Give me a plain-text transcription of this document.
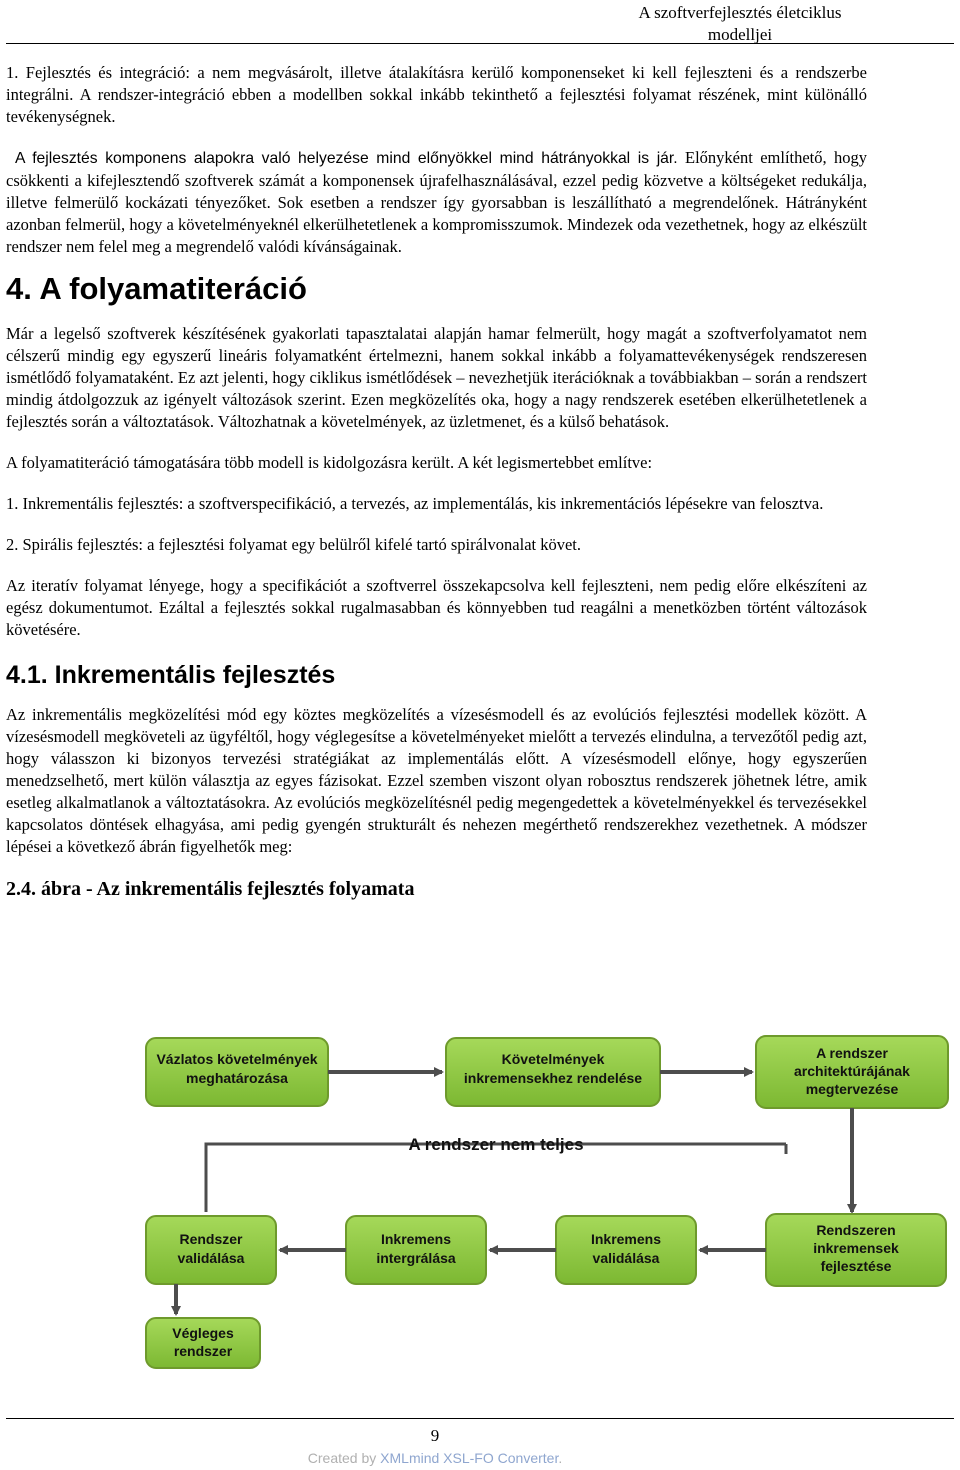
A szoftverfejlesztés életciklus
modelljei

1. Fejlesztés és integráció: a nem megvásárolt, illetve átalakításra kerülő komponenseket ki kell fejleszteni és a rendszerbe integrálni. A rendszer-integráció ebben a modellben sokkal inkább tekinthető a fejlesztési folyamat részének, mint különálló tevékenységnek.

A fejlesztés komponens alapokra való helyezése mind előnyökkel mind hátrányokkal is jár. Előnyként említhető, hogy csökkenti a kifejlesztendő szoftverek számát a komponensek újrafelhasználásával, ezzel pedig közvetve a költségeket redukálja, illetve felmerülő kockázati tényezőket. Sok esetben a rendszer így gyorsabban is leszállítható a megrendelőnek. Hátrányként azonban felmerül, hogy a követelményeknél elkerülhetetlenek a kompromisszumok. Mindezek oda vezethetnek, hogy az elkészült rendszer nem felel meg a megrendelő valódi kívánságainak.

4. A folyamatiteráció

Már a legelső szoftverek készítésének gyakorlati tapasztalatai alapján hamar felmerült, hogy magát a szoftverfolyamatot nem célszerű mindig egy egyszerű lineáris folyamatként értelmezni, hanem sokkal inkább a folyamattevékenységek rendszeresen ismétlődő folyamataként. Ez azt jelenti, hogy ciklikus ismétlődések – nevezhetjük iterációknak a továbbiakban – során a rendszert mindig átdolgozzuk az igényelt változások szerint. Ezen megközelítés oka, hogy a nagy rendszerek esetében elkerülhetetlenek a fejlesztés során a változtatások. Változhatnak a követelmények, az üzletmenet, és a külső behatások.

A folyamatiteráció támogatására több modell is kidolgozásra került. A két legismertebbet említve:

1. Inkrementális fejlesztés: a szoftverspecifikáció, a tervezés, az implementálás, kis inkrementációs lépésekre van felosztva.

2. Spirális fejlesztés: a fejlesztési folyamat egy belülről kifelé tartó spirálvonalat követ.

Az iteratív folyamat lényege, hogy a specifikációt a szoftverrel összekapcsolva kell fejleszteni, nem pedig előre elkészíteni az egész dokumentumot. Ezáltal a fejlesztés sokkal rugalmasabban és könnyebben tud reagálni a menetközben történt változások követésére.

4.1. Inkrementális fejlesztés

Az inkrementális megközelítési mód egy köztes megközelítés a vízesésmodell és az evolúciós fejlesztési modellek között. A vízesésmodell megköveteli az ügyféltől, hogy véglegesítse a követelményeket mielőtt a tervezés elindulna, a tervezőtől pedig azt, hogy válasszon ki bizonyos tervezési stratégiákat az implementálás előtt. A vízesésmodell előnye, hogy egyszerűen menedzselhető, mert külön választja az egyes fázisokat. Ezzel szemben viszont olyan robosztus rendszerek jöhetnek létre, amik esetleg alkalmatlanok a változtatásokra. Az evolúciós megközelítésnél pedig megengedettek a követelményekkel és tervezésekkel kapcsolatos döntések elhagyása, ami pedig gyengén strukturált és nehezen megérthető rendszerekhez vezethetnek. A módszer lépései a következő ábrán figyelhetők meg:

2.4. ábra - Az inkrementális fejlesztés folyamata
Vázlatos követelmények
meghatározása
Követelmények
inkremensekhez rendelése
A rendszer
architektúrájának
megtervezése
A rendszer nem teljes
Rendszer
validálása
Inkremens
intergrálása
Inkremens
validálása
Rendszeren
inkremensek
fejlesztése
Végleges
rendszer
9
Created by XMLmind XSL-FO Converter.
